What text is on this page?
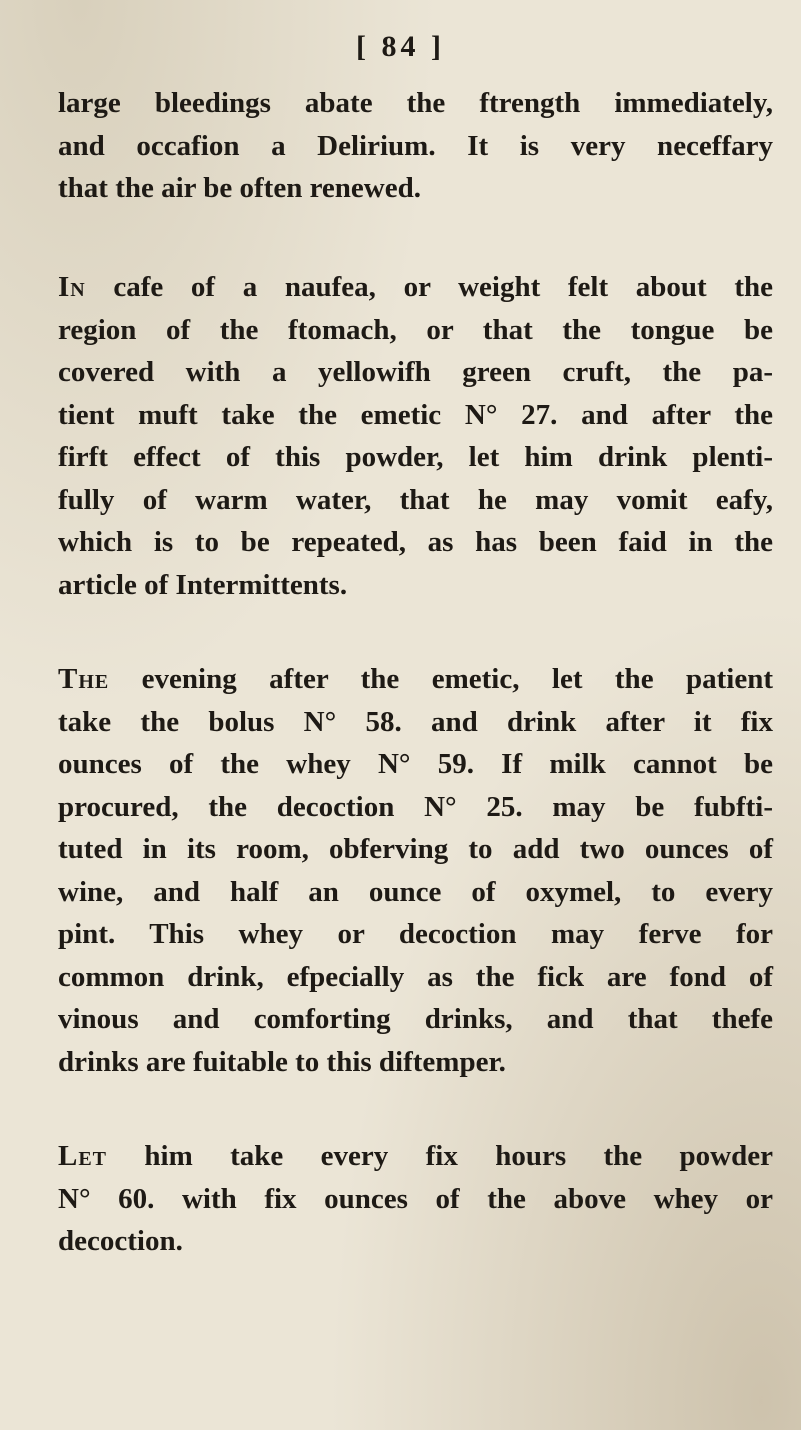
[ 84 ]
large bleedings abate the ftrength immediately,
and occafion a Delirium. It is very neceffary
that the air be often renewed.
In cafe of a naufea, or weight felt about the
region of the ftomach, or that the tongue be
covered with a yellowifh green cruft, the pa-
tient muft take the emetic N° 27. and after the
firft effect of this powder, let him drink plenti-
fully of warm water, that he may vomit eafy,
which is to be repeated, as has been faid in the
article of Intermittents.
The evening after the emetic, let the patient
take the bolus N° 58. and drink after it fix
ounces of the whey N° 59. If milk cannot be
procured, the decoction N° 25. may be fubfti-
tuted in its room, obferving to add two ounces of
wine, and half an ounce of oxymel, to every
pint. This whey or decoction may ferve for
common drink, efpecially as the fick are fond of
vinous and comforting drinks, and that thefe
drinks are fuitable to this diftemper.
Let him take every fix hours the powder
N° 60. with fix ounces of the above whey or
decoction.
